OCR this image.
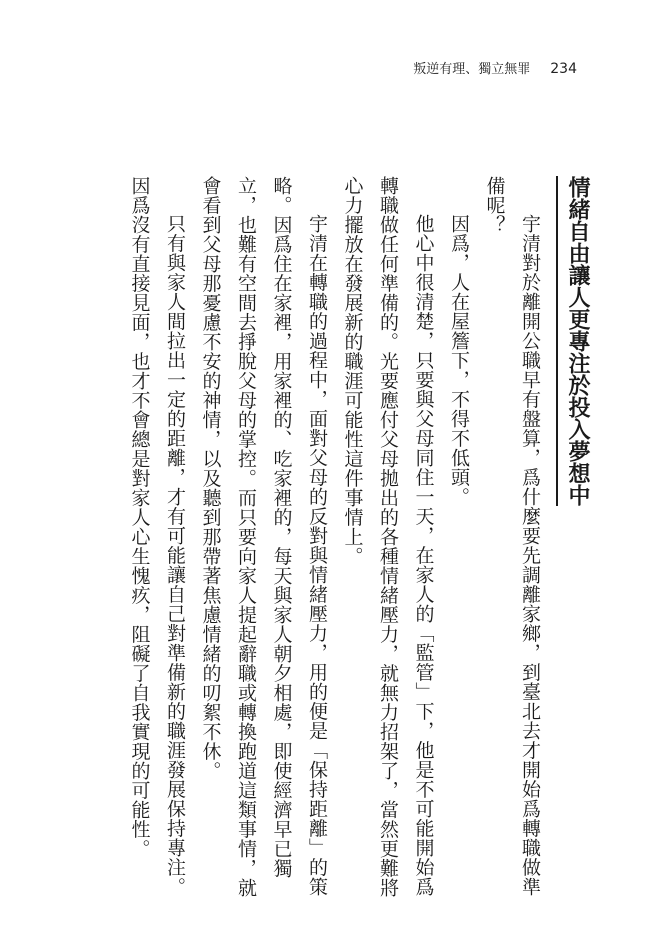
叛逆有理、獨立無罪 234
情緒自由讓人更專注於投入夢想中
宇清對於離開公職早有盤算，爲什麼要先調離家鄉，到臺北去才開始爲轉職做準
備呢？
因爲，人在屋簷下，不得不低頭。
他心中很清楚，只要與父母同住一天，在家人的「監管」下，他是不可能開始爲
轉職做任何準備的。光要應付父母拋出的各種情緒壓力，就無力招架了，當然更難將
心力擺放在發展新的職涯可能性這件事情上。
宇清在轉職的過程中，面對父母的反對與情緒壓力，用的便是「保持距離」的策
略。因爲住在家裡，用家裡的、吃家裡的，每天與家人朝夕相處，即使經濟早已獨
立，也難有空間去掙脫父母的掌控。而只要向家人提起辭職或轉換跑道這類事情，就
會看到父母那憂慮不安的神情，以及聽到那帶著焦慮情緒的叨絮不休。
只有與家人間拉出一定的距離，才有可能讓自己對準備新的職涯發展保持專注。
因爲沒有直接見面，也才不會總是對家人心生愧疚，阻礙了自我實現的可能性。
